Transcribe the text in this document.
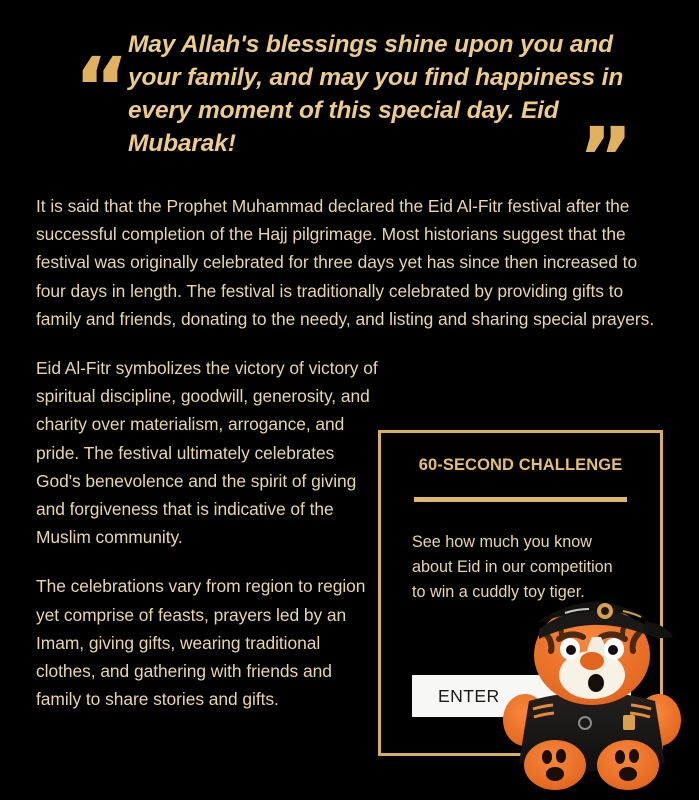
“
May Allah's blessings shine upon you and your family, and may you find happiness in every moment of this special day. Eid Mubarak!	”

It is said that the Prophet Muhammad declared the Eid Al-Fitr festival after the successful completion of the Hajj pilgrimage. Most historians suggest that the festival was originally celebrated for three days yet has since then increased to four days in length. The festival is traditionally celebrated by providing gifts to family and friends, donating to the needy, and listing and sharing special prayers.

Eid Al-Fitr symbolizes the victory of victory of spiritual discipline, goodwill, generosity, and charity over materialism, arrogance, and pride. The festival ultimately celebrates God's benevolence and the spirit of giving and forgiveness that is indicative of the Muslim community.

The celebrations vary from region to region yet comprise of feasts, prayers led by an Imam, giving gifts, wearing traditional clothes, and gathering with friends and family to share stories and gifts.

60-SECOND CHALLENGE
See how much you know about Eid in our competition to win a cuddly toy tiger.
ENTER
